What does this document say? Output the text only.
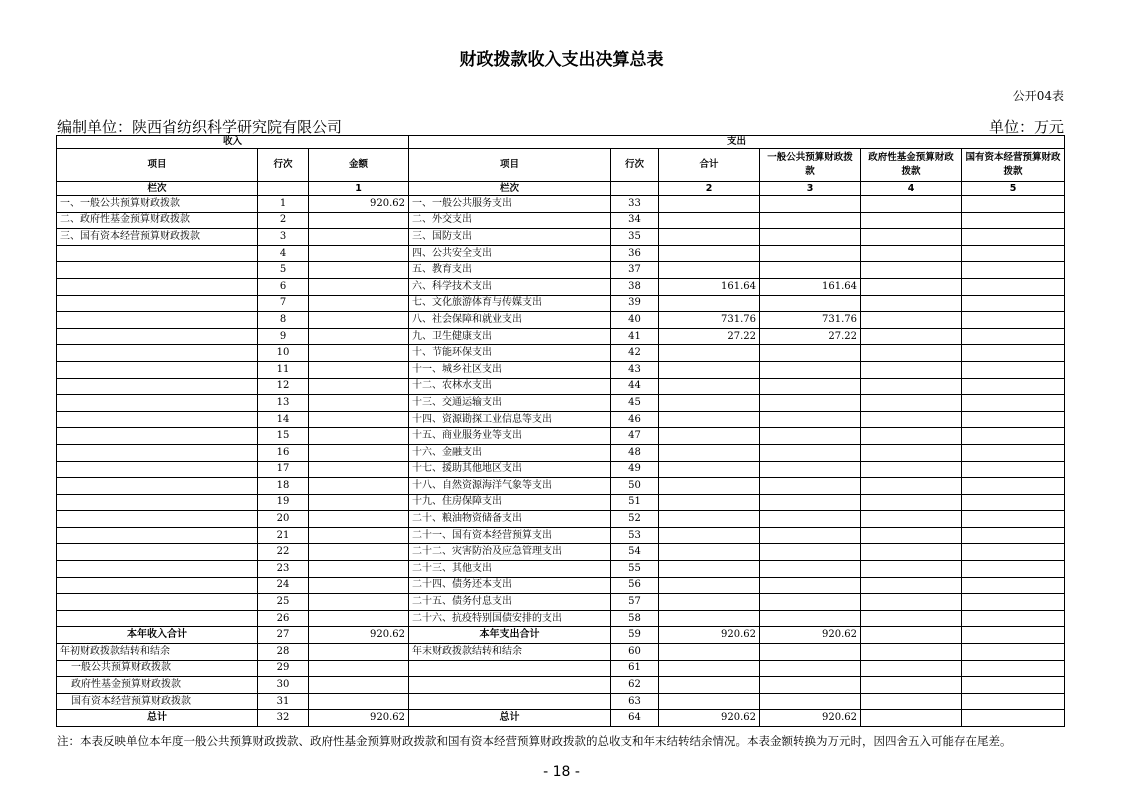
财政拨款收入支出决算总表
公开04表
编制单位：陕西省纺织科学研究院有限公司	单位：万元
收入			支出					
项目	行次	金额	项目	行次	合计	一般公共预算财政拨款	政府性基金预算财政拨款	国有资本经营预算财政拨款
栏次		1	栏次		2	3	4	5
一、一般公共预算财政拨款	1	920.62	一、一般公共服务支出	33				
二、政府性基金预算财政拨款	2		二、外交支出	34				
三、国有资本经营预算财政拨款	3		三、国防支出	35				
	4		四、公共安全支出	36				
	5		五、教育支出	37				
	6		六、科学技术支出	38	161.64	161.64		
	7		七、文化旅游体育与传媒支出	39				
	8		八、社会保障和就业支出	40	731.76	731.76		
	9		九、卫生健康支出	41	27.22	27.22		
	10		十、节能环保支出	42				
	11		十一、城乡社区支出	43				
	12		十二、农林水支出	44				
	13		十三、交通运输支出	45				
	14		十四、资源勘探工业信息等支出	46				
	15		十五、商业服务业等支出	47				
	16		十六、金融支出	48				
	17		十七、援助其他地区支出	49				
	18		十八、自然资源海洋气象等支出	50				
	19		十九、住房保障支出	51				
	20		二十、粮油物资储备支出	52				
	21		二十一、国有资本经营预算支出	53				
	22		二十二、灾害防治及应急管理支出	54				
	23		二十三、其他支出	55				
	24		二十四、债务还本支出	56				
	25		二十五、债务付息支出	57				
	26		二十六、抗疫特别国债安排的支出	58				
本年收入合计	27	920.62	本年支出合计	59	920.62	920.62		
年初财政拨款结转和结余	28		年末财政拨款结转和结余	60				
一般公共预算财政拨款	29			61				
政府性基金预算财政拨款	30			62				
国有资本经营预算财政拨款	31			63				
总计	32	920.62	总计	64	920.62	920.62		
注：本表反映单位本年度一般公共预算财政拨款、政府性基金预算财政拨款和国有资本经营预算财政拨款的总收支和年末结转结余情况。本表金额转换为万元时，因四舍五入可能存在尾差。
- 18 -
